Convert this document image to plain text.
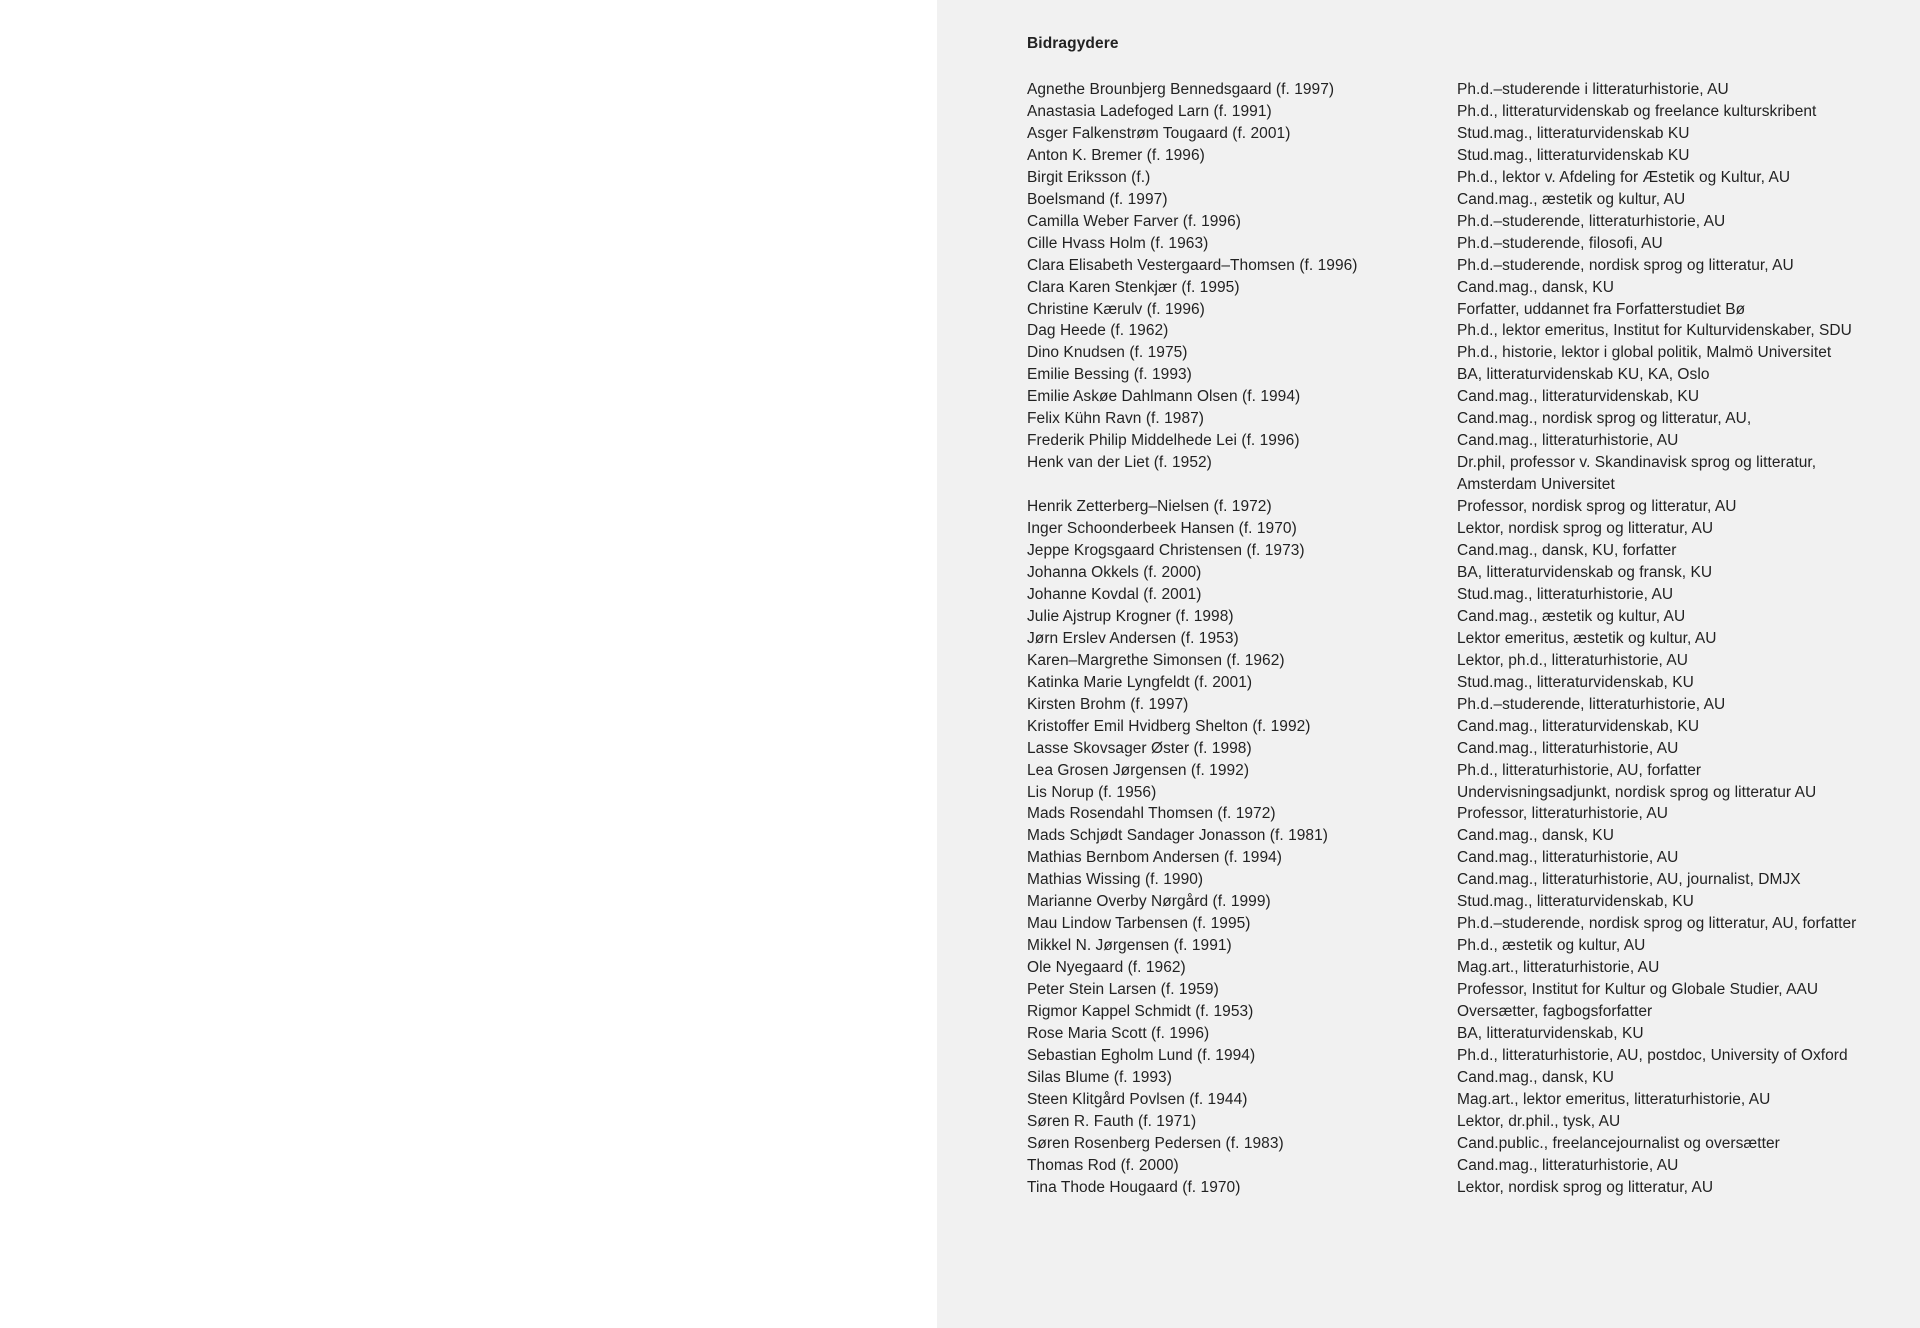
Bidragydere
Agnethe Brounbjerg Bennedsgaard (f. 1997)	Ph.d.–studerende i litteraturhistorie, AU
Anastasia Ladefoged Larn (f. 1991)	Ph.d., litteraturvidenskab og freelance kulturskribent
Asger Falkenstrøm Tougaard (f. 2001)	Stud.mag., litteraturvidenskab KU
Anton K. Bremer (f. 1996)	Stud.mag., litteraturvidenskab KU
Birgit Eriksson (f.)	Ph.d., lektor v. Afdeling for Æstetik og Kultur, AU
Boelsmand (f. 1997)	Cand.mag., æstetik og kultur, AU
Camilla Weber Farver (f. 1996)	Ph.d.–studerende, litteraturhistorie, AU
Cille Hvass Holm (f. 1963)	Ph.d.–studerende, filosofi, AU
Clara Elisabeth Vestergaard–Thomsen (f. 1996)	Ph.d.–studerende, nordisk sprog og litteratur, AU
Clara Karen Stenkjær (f. 1995)	Cand.mag., dansk, KU
Christine Kærulv (f. 1996)	Forfatter, uddannet fra Forfatterstudiet Bø
Dag Heede (f. 1962)	Ph.d., lektor emeritus, Institut for Kulturvidenskaber, SDU
Dino Knudsen (f. 1975)	Ph.d., historie, lektor i global politik, Malmö Universitet
Emilie Bessing (f. 1993)	BA, litteraturvidenskab KU, KA, Oslo
Emilie Askøe Dahlmann Olsen (f. 1994)	Cand.mag., litteraturvidenskab, KU
Felix Kühn Ravn (f. 1987)	Cand.mag., nordisk sprog og litteratur, AU,
Frederik Philip Middelhede Lei (f. 1996)	Cand.mag., litteraturhistorie, AU
Henk van der Liet (f. 1952)	Dr.phil, professor v. Skandinavisk sprog og litteratur, Amsterdam Universitet
Henrik Zetterberg–Nielsen (f. 1972)	Professor, nordisk sprog og litteratur, AU
Inger Schoonderbeek Hansen (f. 1970)	Lektor, nordisk sprog og litteratur, AU
Jeppe Krogsgaard Christensen (f. 1973)	Cand.mag., dansk, KU, forfatter
Johanna Okkels (f. 2000)	BA, litteraturvidenskab og fransk, KU
Johanne Kovdal (f. 2001)	Stud.mag., litteraturhistorie, AU
Julie Ajstrup Krogner (f. 1998)	Cand.mag., æstetik og kultur, AU
Jørn Erslev Andersen (f. 1953)	Lektor emeritus, æstetik og kultur, AU
Karen–Margrethe Simonsen (f. 1962)	Lektor, ph.d., litteraturhistorie, AU
Katinka Marie Lyngfeldt (f. 2001)	Stud.mag., litteraturvidenskab, KU
Kirsten Brohm (f. 1997)	Ph.d.–studerende, litteraturhistorie, AU
Kristoffer Emil Hvidberg Shelton (f. 1992)	Cand.mag., litteraturvidenskab, KU
Lasse Skovsager Øster (f. 1998)	Cand.mag., litteraturhistorie, AU
Lea Grosen Jørgensen (f. 1992)	Ph.d., litteraturhistorie, AU, forfatter
Lis Norup (f. 1956)	Undervisningsadjunkt, nordisk sprog og litteratur AU
Mads Rosendahl Thomsen (f. 1972)	Professor, litteraturhistorie, AU
Mads Schjødt Sandager Jonasson (f. 1981)	Cand.mag., dansk, KU
Mathias Bernbom Andersen (f. 1994)	Cand.mag., litteraturhistorie, AU
Mathias Wissing (f. 1990)	Cand.mag., litteraturhistorie, AU, journalist, DMJX
Marianne Overby Nørgård (f. 1999)	Stud.mag., litteraturvidenskab, KU
Mau Lindow Tarbensen (f. 1995)	Ph.d.–studerende, nordisk sprog og litteratur, AU, forfatter
Mikkel N. Jørgensen (f. 1991)	Ph.d., æstetik og kultur, AU
Ole Nyegaard (f. 1962)	Mag.art., litteraturhistorie, AU
Peter Stein Larsen (f. 1959)	Professor, Institut for Kultur og Globale Studier, AAU
Rigmor Kappel Schmidt (f. 1953)	Oversætter, fagbogsforfatter
Rose Maria Scott (f. 1996)	BA, litteraturvidenskab, KU
Sebastian Egholm Lund (f. 1994)	Ph.d., litteraturhistorie, AU, postdoc, University of Oxford
Silas Blume (f. 1993)	Cand.mag., dansk, KU
Steen Klitgård Povlsen (f. 1944)	Mag.art., lektor emeritus, litteraturhistorie, AU
Søren R. Fauth (f. 1971)	Lektor, dr.phil., tysk, AU
Søren Rosenberg Pedersen (f. 1983)	Cand.public., freelancejournalist og oversætter
Thomas Rod (f. 2000)	Cand.mag., litteraturhistorie, AU
Tina Thode Hougaard (f. 1970)	Lektor, nordisk sprog og litteratur, AU
